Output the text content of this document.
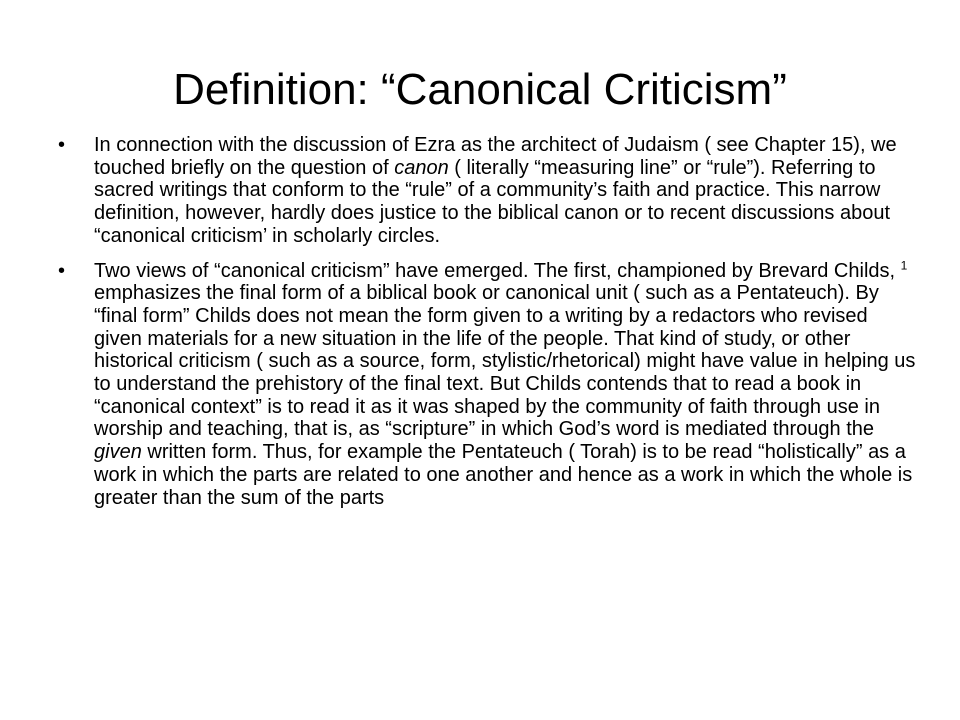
Definition: “Canonical Criticism”
•	In connection with the discussion of Ezra as the architect of Judaism ( see Chapter 15), we touched briefly on the question of canon ( literally “measuring line” or “rule”). Referring to sacred writings that conform to the “rule” of a community’s faith and practice. This narrow definition, however, hardly does justice to the biblical canon or to recent discussions about “canonical criticism’ in scholarly circles.
•	Two views of “canonical criticism” have emerged. The first, championed by Brevard Childs, $^1$ emphasizes the final form of a biblical book or canonical unit ( such as a Pentateuch). By “final form” Childs does not mean the form given to a writing by a redactors who revised given materials for a new situation in the life of the people. That kind of study, or other historical criticism ( such as a source, form, stylistic/rhetorical) might have value in helping us to understand the prehistory of the final text. But Childs contends that to read a book in “canonical context” is to read it as it was shaped by the community of faith through use in worship and teaching, that is, as “scripture” in which God’s word is mediated through the given written form. Thus, for example the Pentateuch ( Torah) is to be read “holistically” as a work in which the parts are related to one another and hence as a work in which the whole is greater than the sum of the parts
